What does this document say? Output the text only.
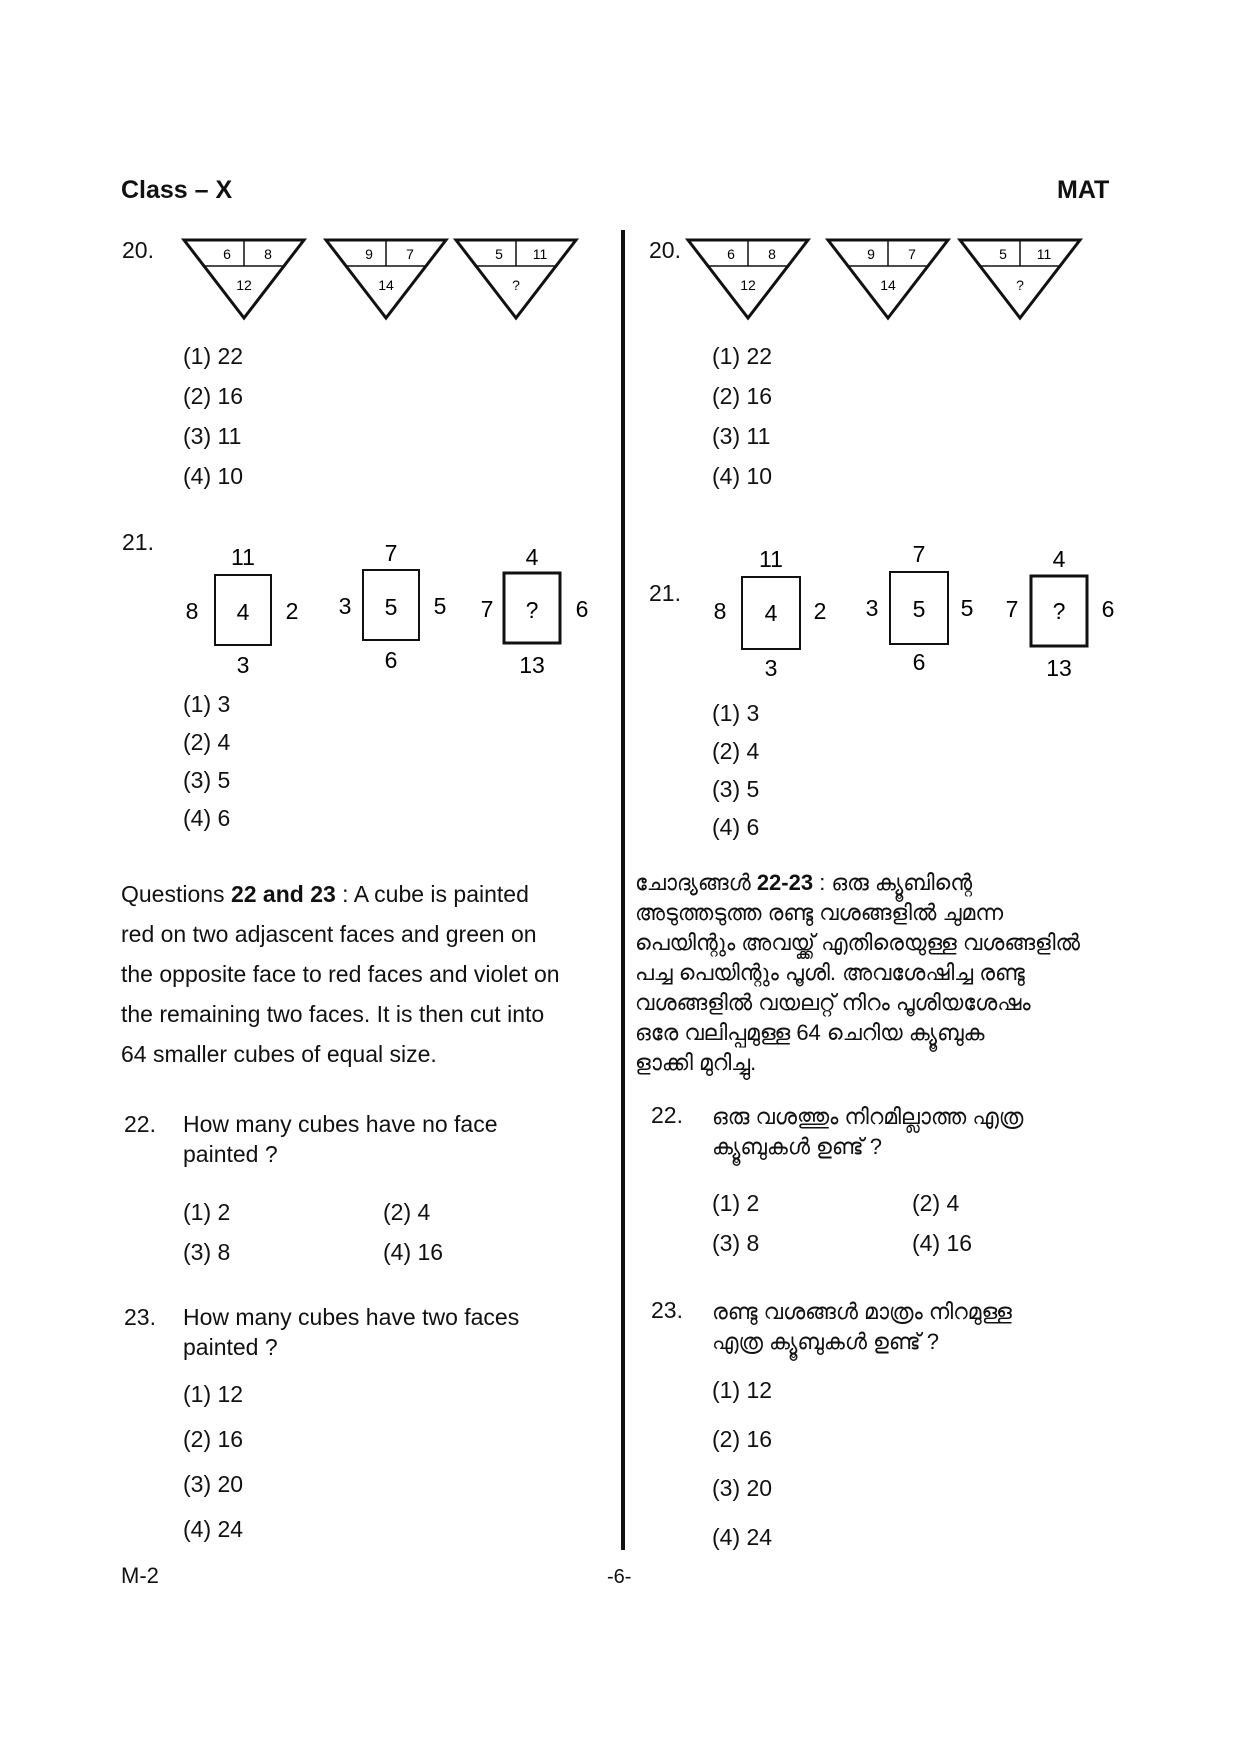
Class – X	MAT
20.	6 8
12
9 7
14
5 11
?
(1) 22
(2) 16
(3) 11
(4) 10
21.
11
8 4 2
3
7
3 5 5
6
4
7 ? 6
13
(1) 3
(2) 4
(3) 5
(4) 6
Questions 22 and 23 : A cube is painted
red on two adjascent faces and green on
the opposite face to red faces and violet on
the remaining two faces. It is then cut into
64 smaller cubes of equal size.
22. How many cubes have no face
painted ?
(1) 2	(2) 4
(3) 8	(4) 16
23. How many cubes have two faces
painted ?
(1) 12
(2) 16
(3) 20
(4) 24
20.	6 8
12
9 7
14
5 11
?
(1) 22
(2) 16
(3) 11
(4) 10
21.
11
8 4 2
3
7
3 5 5
6
4
7 ? 6
13
(1) 3
(2) 4
(3) 5
(4) 6
ചോദ്യങ്ങൾ 22-23 : ഒരു ക്യൂബിന്റെ
അടുത്തടുത്ത രണ്ടു വശങ്ങളിൽ ചുമന്ന
പെയിന്റും അവയ്ക്ക് എതിരെയുള്ള വശങ്ങളിൽ
പച്ച പെയിന്റും പൂശി. അവശേഷിച്ച രണ്ടു
വശങ്ങളിൽ വയലറ്റ് നിറം പൂശിയശേഷം
ഒരേ വലിപ്പമുള്ള 64 ചെറിയ ക്യൂബുക
ളാക്കി മുറിച്ചു.
22. ഒരു വശത്തും നിറമില്ലാത്ത എത്ര
ക്യൂബുകൾ ഉണ്ട് ?
(1) 2	(2) 4
(3) 8	(4) 16
23. രണ്ടു വശങ്ങൾ മാത്രം നിറമുള്ള
എത്ര ക്യൂബുകൾ ഉണ്ട് ?
(1) 12
(2) 16
(3) 20
(4) 24
M-2	-6-
